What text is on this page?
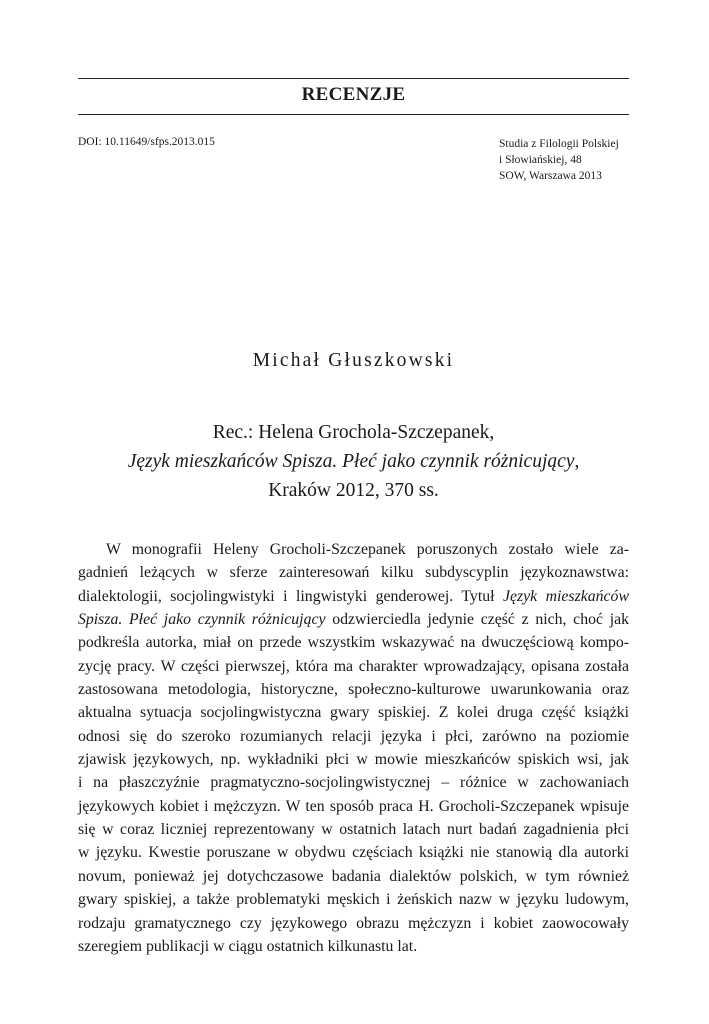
RECENZJE
DOI: 10.11649/sfps.2013.015	Studia z Filologii Polskiej
i Słowiańskiej, 48
SOW, Warszawa 2013
Michał Głuszkowski
Rec.: Helena Grochola-Szczepanek,
Język mieszkańców Spisza. Płeć jako czynnik różnicujący,
Kraków 2012, 370 ss.
W monografii Heleny Grocholi-Szczepanek poruszonych zostało wiele za-
gadnień leżących w sferze zainteresowań kilku subdyscyplin językoznawstwa:
dialektologii, socjolingwistyki i lingwistyki genderowej. Tytuł Język mieszkańców
Spisza. Płeć jako czynnik różnicujący odzwierciedla jedynie część z nich, choć jak
podkreśla autorka, miał on przede wszystkim wskazywać na dwuczęściową kompo-
zycję pracy. W części pierwszej, która ma charakter wprowadzający, opisana została
zastosowana metodologia, historyczne, społeczno-kulturowe uwarunkowania oraz
aktualna sytuacja socjolingwistyczna gwary spiskiej. Z kolei druga część książki
odnosi się do szeroko rozumianych relacji języka i płci, zarówno na poziomie
zjawisk językowych, np. wykładniki płci w mowie mieszkańców spiskich wsi, jak
i na płaszczyźnie pragmatyczno-socjolingwistycznej – różnice w zachowaniach
językowych kobiet i mężczyzn. W ten sposób praca H. Grocholi-Szczepanek wpisuje
się w coraz liczniej reprezentowany w ostatnich latach nurt badań zagadnienia płci
w języku. Kwestie poruszane w obydwu częściach książki nie stanowią dla autorki
novum, ponieważ jej dotychczasowe badania dialektów polskich, w tym również
gwary spiskiej, a także problematyki męskich i żeńskich nazw w języku ludowym,
rodzaju gramatycznego czy językowego obrazu mężczyzn i kobiet zaowocowały
szeregiem publikacji w ciągu ostatnich kilkunastu lat.
